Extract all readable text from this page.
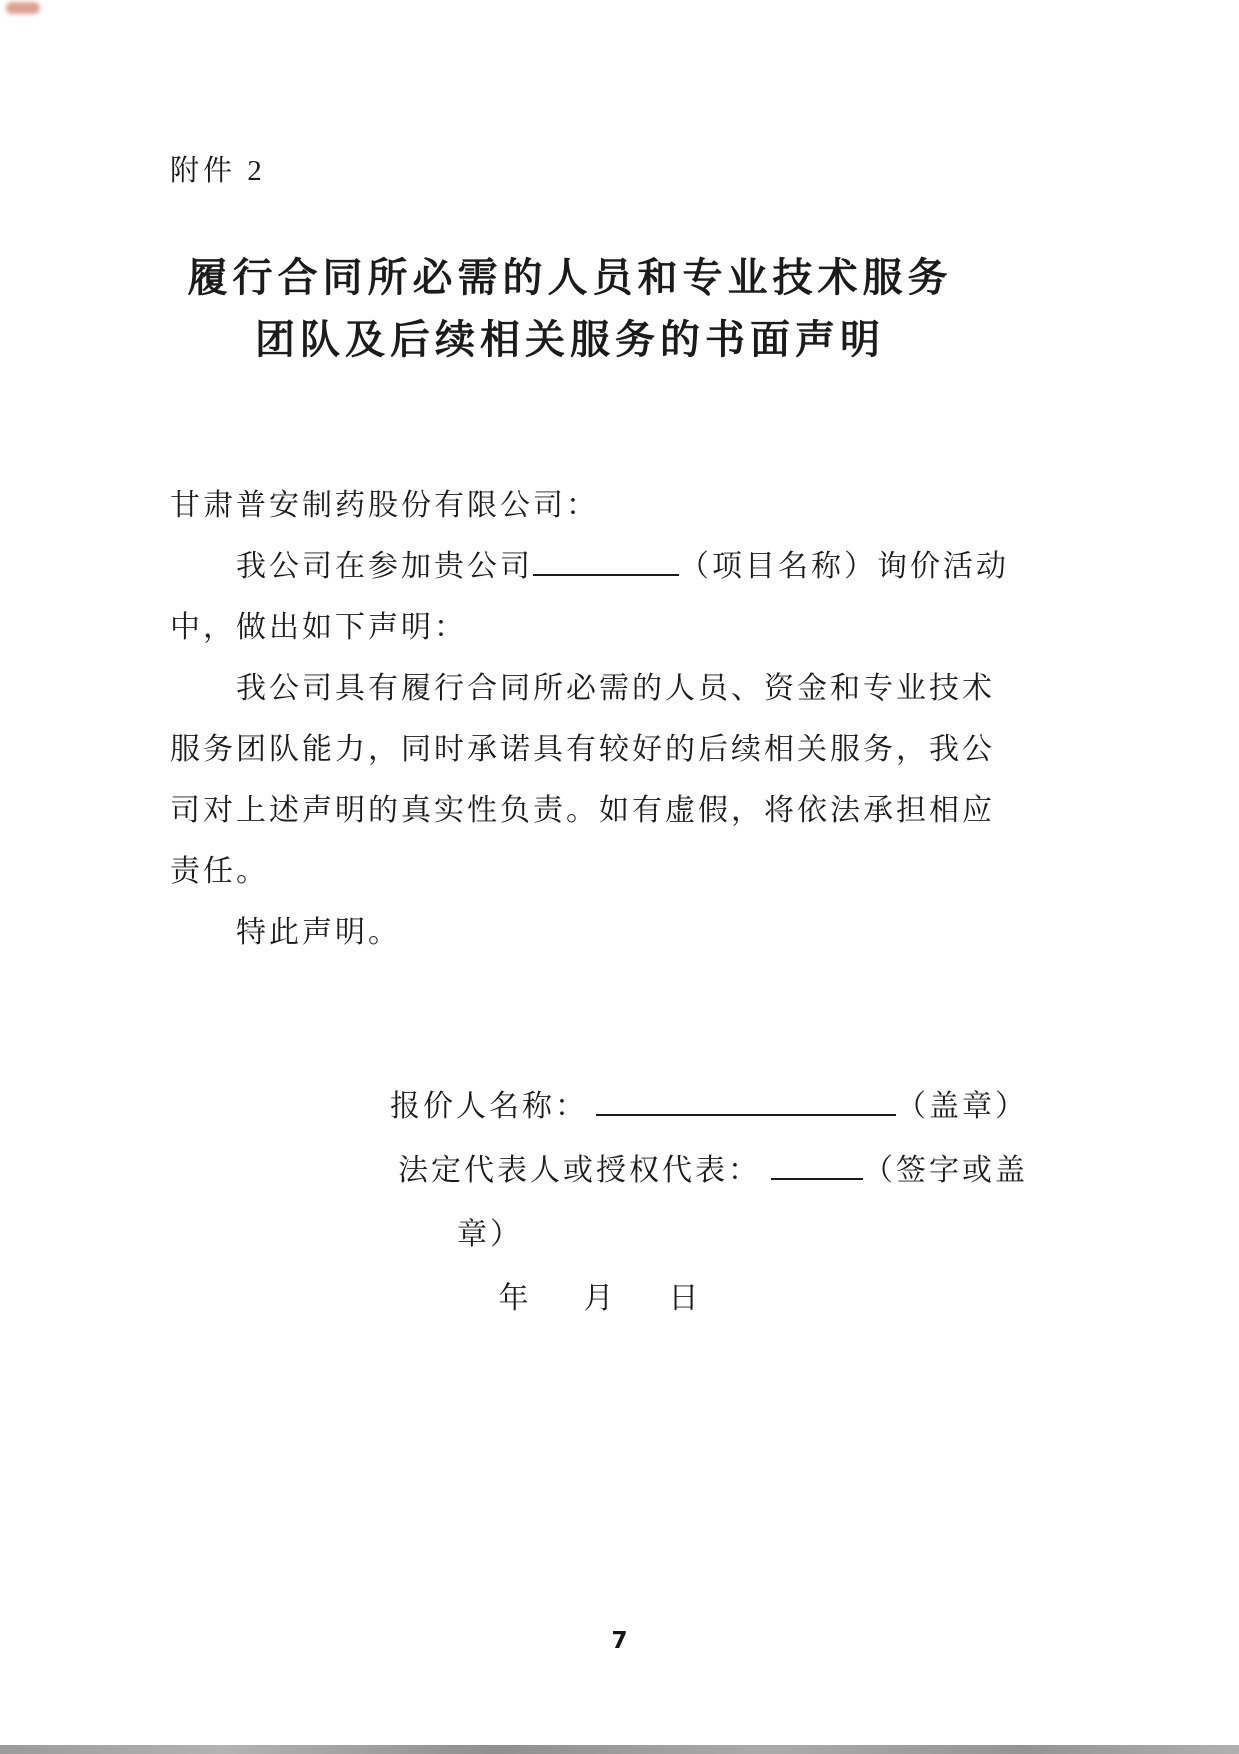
附件 2
履行合同所必需的人员和专业技术服务
团队及后续相关服务的书面声明
甘肃普安制药股份有限公司：
我公司在参加贵公司	（项目名称）询价活动
中，做出如下声明：
我公司具有履行合同所必需的人员、资金和专业技术
服务团队能力，同时承诺具有较好的后续相关服务，我公
司对上述声明的真实性负责。如有虚假，将依法承担相应
责任。
特此声明。
报价人名称：	（盖章）
法定代表人或授权代表：	（签字或盖
章）
年 月 日
7
